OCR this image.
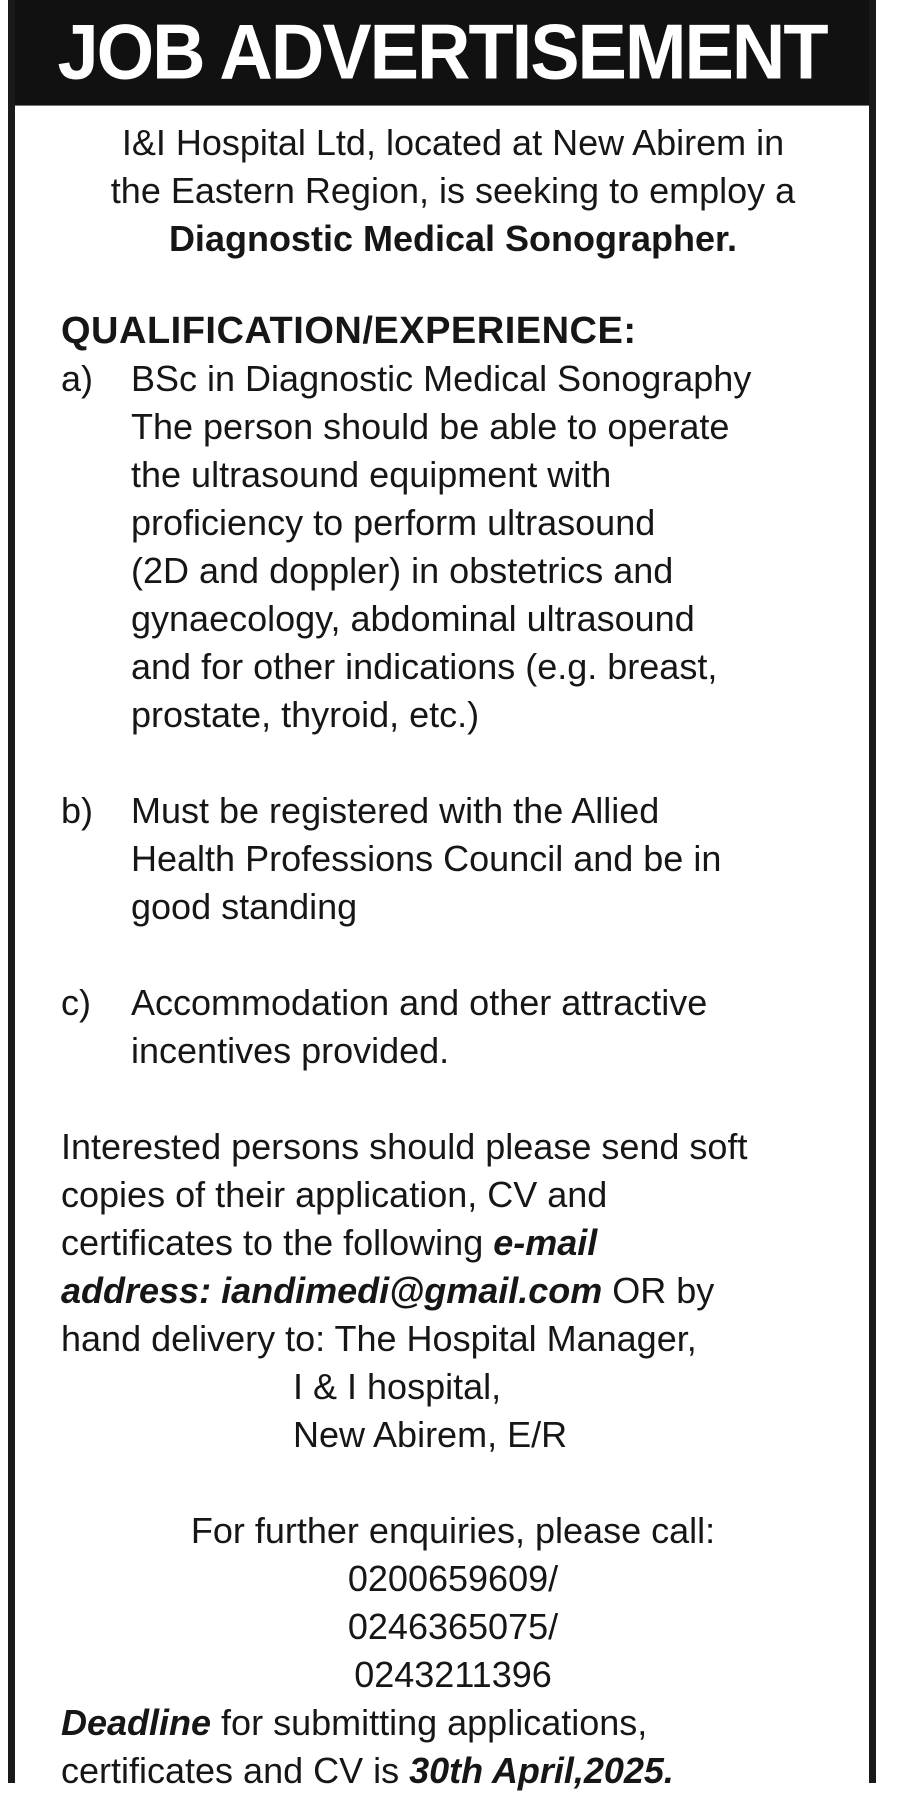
JOB ADVERTISEMENT
I&I Hospital Ltd, located at New Abirem in
the Eastern Region, is seeking to employ a
Diagnostic Medical Sonographer.
QUALIFICATION/EXPERIENCE:
a)	BSc in Diagnostic Medical Sonography
The person should be able to operate
the ultrasound equipment with
proficiency to perform ultrasound
(2D and doppler) in obstetrics and
gynaecology, abdominal ultrasound
and for other indications (e.g. breast,
prostate, thyroid, etc.)
b)	Must be registered with the Allied
Health Professions Council and be in
good standing
c)	Accommodation and other attractive
incentives provided.
Interested persons should please send soft
copies of their application, CV and
certificates to the following e-mail
address: iandimedi@gmail.com OR by
hand delivery to: The Hospital Manager,
I & I hospital,
New Abirem, E/R
For further enquiries, please call:
0200659609/
0246365075/
0243211396
Deadline for submitting applications,
certificates and CV is 30th April,2025.
